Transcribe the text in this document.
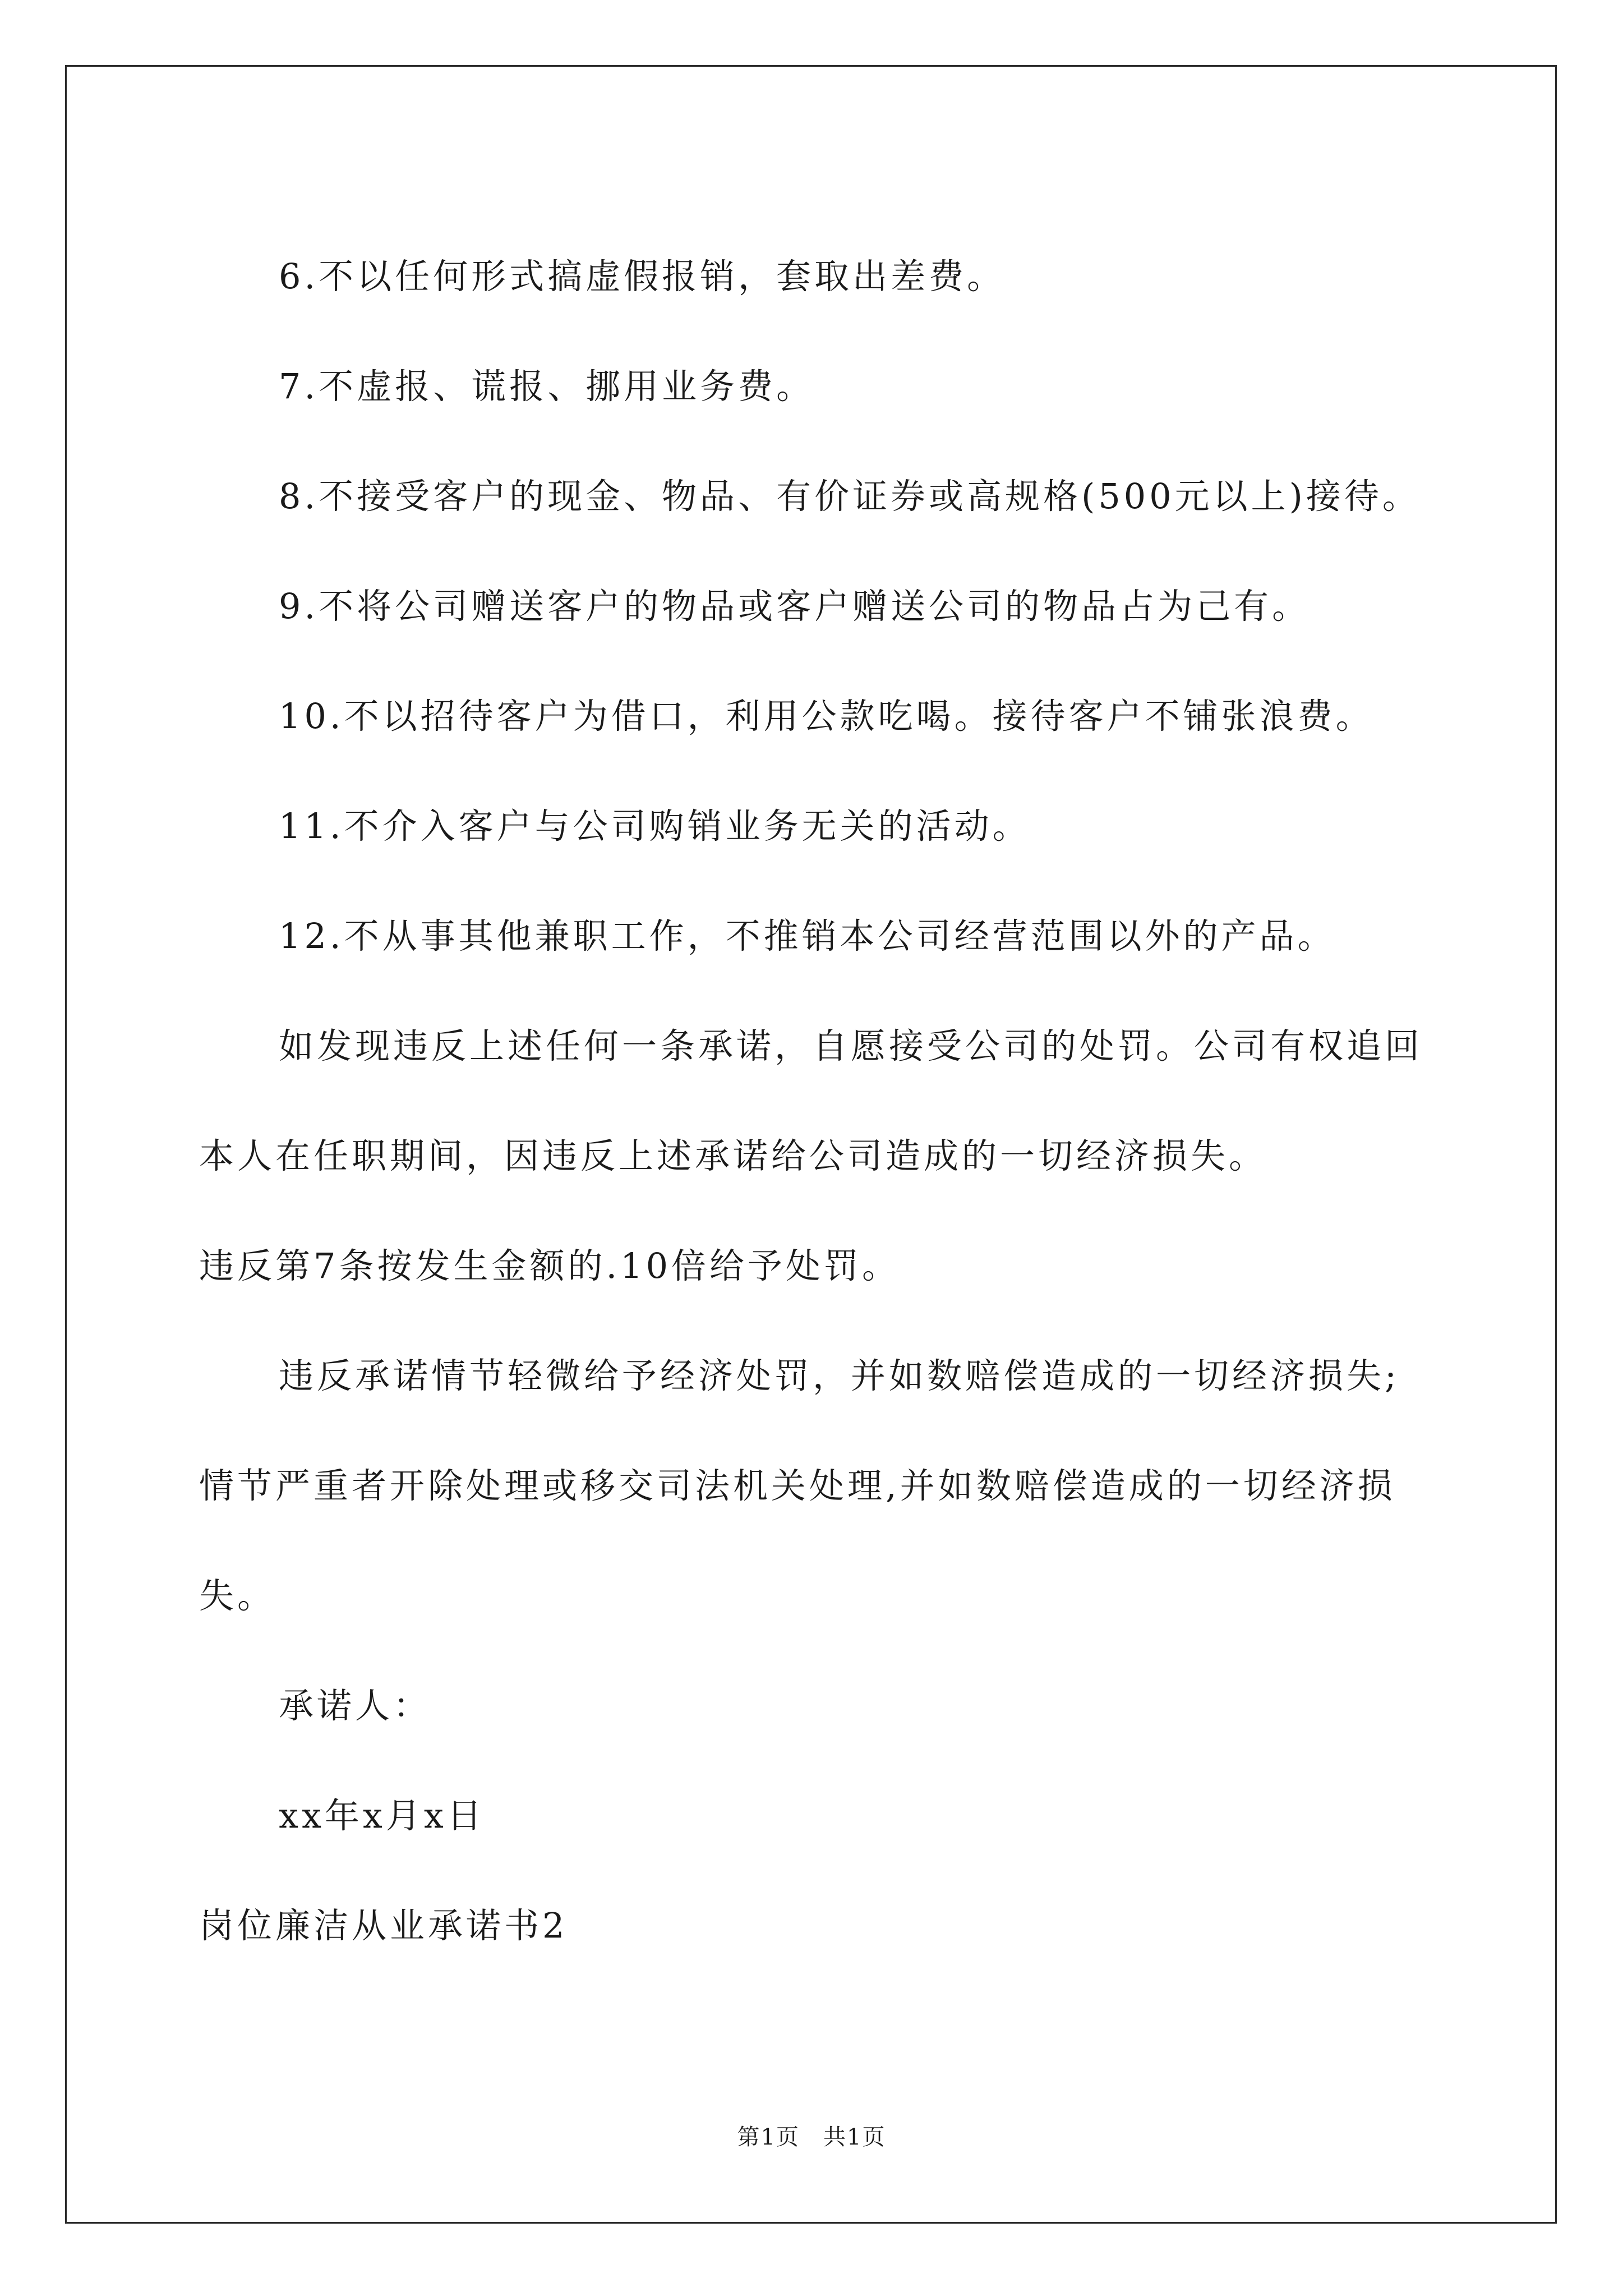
6.不以任何形式搞虚假报销，套取出差费。

7.不虚报、谎报、挪用业务费。

8.不接受客户的现金、物品、有价证券或高规格(500元以上)接待。

9.不将公司赠送客户的物品或客户赠送公司的物品占为己有。

10.不以招待客户为借口，利用公款吃喝。接待客户不铺张浪费。

11.不介入客户与公司购销业务无关的活动。

12.不从事其他兼职工作，不推销本公司经营范围以外的产品。

如发现违反上述任何一条承诺，自愿接受公司的处罚。公司有权追回本人在任职期间，因违反上述承诺给公司造成的一切经济损失。

违反第7条按发生金额的.10倍给予处罚。

违反承诺情节轻微给予经济处罚，并如数赔偿造成的一切经济损失;情节严重者开除处理或移交司法机关处理,并如数赔偿造成的一切经济损失。

承诺人：

xx年x月x日

岗位廉洁从业承诺书2

第1页　共1页
